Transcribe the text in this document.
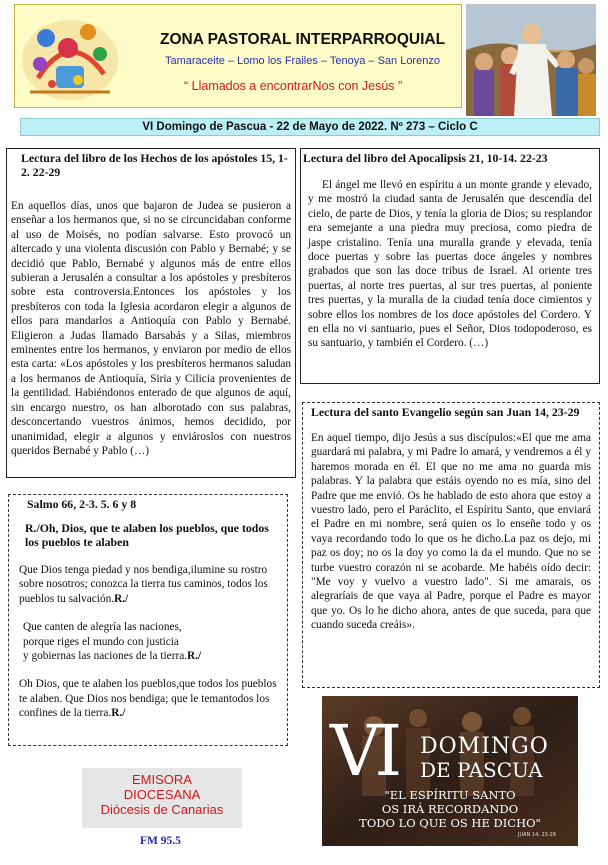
ZONA PASTORAL INTERPARROQUIAL
Tamaraceite – Lomo los Frailes – Tenoya – San Lorenzo
“ Llamados a encontrarNos con Jesús ”
VI Domingo de Pascua - 22 de Mayo de 2022. Nº 273 – Ciclo C

Lectura del libro de los Hechos de los apóstoles 15, 1-2. 22-29

En aquellos días, unos que bajaron de Judea se pusieron a enseñar a los hermanos que, si no se circuncidaban conforme al uso de Moisés, no podían salvarse. Esto provocó un altercado y una violenta discusión con Pablo y Bernabé; y se decidió que Pablo, Bernabé y algunos más de entre ellos subieran a Jerusalén a consultar a los apóstoles y presbíteros sobre esta controversia.Entonces los apóstoles y los presbíteros con toda la Iglesia acordaron elegir a algunos de ellos para mandarlos a Antioquía con Pablo y Bernabé. Eligieron a Judas llamado Barsabás y a Silas, miembros eminentes entre los hermanos, y enviaron por medio de ellos esta carta: «Los apóstoles y los presbíteros hermanos saludan a los hermanos de Antioquía, Siria y Cilicia provenientes de la gentilidad. Habiéndonos enterado de que algunos de aquí, sin encargo nuestro, os han alborotado con sus palabras, desconcertando vuestros ánimos, hemos decidido, por unanimidad, elegir a algunos y enviároslos con nuestros queridos Bernabé y Pablo (…)

Lectura del libro del Apocalipsis 21, 10-14. 22-23

El ángel me llevó en espíritu a un monte grande y elevado, y me mostró la ciudad santa de Jerusalén que descendía del cielo, de parte de Dios, y tenía la gloria de Dios; su resplandor era semejante a una piedra muy preciosa, como piedra de jaspe cristalino. Tenía una muralla grande y elevada, tenía doce puertas y sobre las puertas doce ángeles y nombres grabados que son las doce tribus de Israel. Al oriente tres puertas, al norte tres puertas, al sur tres puertas, al poniente tres puertas, y la muralla de la ciudad tenía doce cimientos y sobre ellos los nombres de los doce apóstoles del Cordero. Y en ella no vi santuario, pues el Señor, Dios todopoderoso, es su santuario, y también el Cordero. (…)

Lectura del santo Evangelio según san Juan 14, 23-29

En aquel tiempo, dijo Jesús a sus discípulos:«El que me ama guardará mi palabra, y mi Padre lo amará, y vendremos a él y haremos morada en él. El que no me ama no guarda mis palabras. Y la palabra que estáis oyendo no es mía, sino del Padre que me envió. Os he hablado de esto ahora que estoy a vuestro lado, pero el Paráclito, el Espíritu Santo, que enviará el Padre en mi nombre, será quien os lo enseñe todo y os vaya recordando todo lo que os he dicho.La paz os dejo, mi paz os doy; no os la doy yo como la da el mundo. Que no se turbe vuestro corazón ni se acobarde. Me habéis oído decir: "Me voy y vuelvo a vuestro lado". Si me amarais, os alegraríais de que vaya al Padre, porque el Padre es mayor que yo. Os lo he dicho ahora, antes de que suceda, para que cuando suceda creáis».

Salmo 66, 2-3. 5. 6 y 8

R./Oh, Dios, que te alaben los pueblos, que todos los pueblos te alaben

Que Dios tenga piedad y nos bendiga,ilumine su rostro sobre nosotros; conozca la tierra tus caminos, todos los pueblos tu salvación.R./

Que canten de alegría las naciones,
porque riges el mundo con justicia
y gobiernas las naciones de la tierra.R./

Oh Dios, que te alaben los pueblos,que todos los pueblos te alaben. Que Dios nos bendiga; que le temantodos los confines de la tierra.R./	VI DOMINGO
DE PASCUA
"EL ESPÍRITU SANTO
OS IRÁ RECORDANDO
TODO LO QUE OS HE DICHO"
JUAN 14, 23-29
EMISORA
DIOCESANA
Diócesis de Canarias
FM 95.5
